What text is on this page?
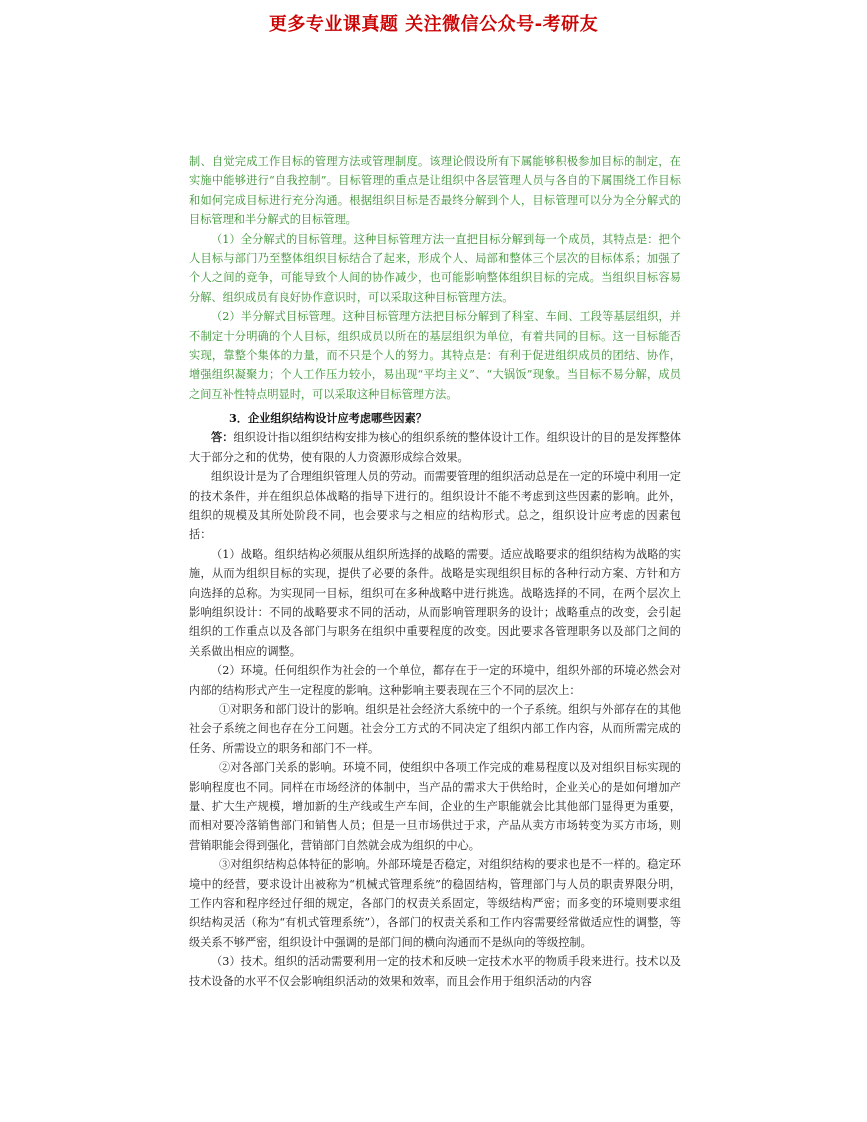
更多专业课真题 关注微信公众号-考研友

制、自觉完成工作目标的管理方法或管理制度。该理论假设所有下属能够积极参加目标的制定，在实施中能够进行“自我控制”。目标管理的重点是让组织中各层管理人员与各自的下属围绕工作目标和如何完成目标进行充分沟通。根据组织目标是否最终分解到个人，目标管理可以分为全分解式的目标管理和半分解式的目标管理。

（1）全分解式的目标管理。这种目标管理方法一直把目标分解到每一个成员，其特点是：把个人目标与部门乃至整体组织目标结合了起来，形成个人、局部和整体三个层次的目标体系；加强了个人之间的竞争，可能导致个人间的协作减少，也可能影响整体组织目标的完成。当组织目标容易分解、组织成员有良好协作意识时，可以采取这种目标管理方法。

（2）半分解式目标管理。这种目标管理方法把目标分解到了科室、车间、工段等基层组织，并不制定十分明确的个人目标，组织成员以所在的基层组织为单位，有着共同的目标。这一目标能否实现，靠整个集体的力量，而不只是个人的努力。其特点是：有利于促进组织成员的团结、协作，增强组织凝聚力；个人工作压力较小，易出现“平均主义”、“大锅饭”现象。当目标不易分解，成员之间互补性特点明显时，可以采取这种目标管理方法。

3．企业组织结构设计应考虑哪些因素？

答：组织设计指以组织结构安排为核心的组织系统的整体设计工作。组织设计的目的是发挥整体大于部分之和的优势，使有限的人力资源形成综合效果。

组织设计是为了合理组织管理人员的劳动。而需要管理的组织活动总是在一定的环境中利用一定的技术条件，并在组织总体战略的指导下进行的。组织设计不能不考虑到这些因素的影响。此外，组织的规模及其所处阶段不同，也会要求与之相应的结构形式。总之，组织设计应考虑的因素包括：

（1）战略。组织结构必须服从组织所选择的战略的需要。适应战略要求的组织结构为战略的实施，从而为组织目标的实现，提供了必要的条件。战略是实现组织目标的各种行动方案、方针和方向选择的总称。为实现同一目标，组织可在多种战略中进行挑选。战略选择的不同，在两个层次上影响组织设计：不同的战略要求不同的活动，从而影响管理职务的设计；战略重点的改变，会引起组织的工作重点以及各部门与职务在组织中重要程度的改变。因此要求各管理职务以及部门之间的关系做出相应的调整。

（2）环境。任何组织作为社会的一个单位，都存在于一定的环境中，组织外部的环境必然会对内部的结构形式产生一定程度的影响。这种影响主要表现在三个不同的层次上：

①对职务和部门设计的影响。组织是社会经济大系统中的一个子系统。组织与外部存在的其他社会子系统之间也存在分工问题。社会分工方式的不同决定了组织内部工作内容，从而所需完成的任务、所需设立的职务和部门不一样。

②对各部门关系的影响。环境不同，使组织中各项工作完成的难易程度以及对组织目标实现的影响程度也不同。同样在市场经济的体制中，当产品的需求大于供给时，企业关心的是如何增加产量、扩大生产规模，增加新的生产线或生产车间，企业的生产职能就会比其他部门显得更为重要，而相对要冷落销售部门和销售人员；但是一旦市场供过于求，产品从卖方市场转变为买方市场，则营销职能会得到强化，营销部门自然就会成为组织的中心。

③对组织结构总体特征的影响。外部环境是否稳定，对组织结构的要求也是不一样的。稳定环境中的经营，要求设计出被称为“机械式管理系统”的稳固结构，管理部门与人员的职责界限分明，工作内容和程序经过仔细的规定，各部门的权责关系固定，等级结构严密；而多变的环境则要求组织结构灵活（称为“有机式管理系统”），各部门的权责关系和工作内容需要经常做适应性的调整，等级关系不够严密，组织设计中强调的是部门间的横向沟通而不是纵向的等级控制。

（3）技术。组织的活动需要利用一定的技术和反映一定技术水平的物质手段来进行。技术以及技术设备的水平不仅会影响组织活动的效果和效率，而且会作用于组织活动的内容
